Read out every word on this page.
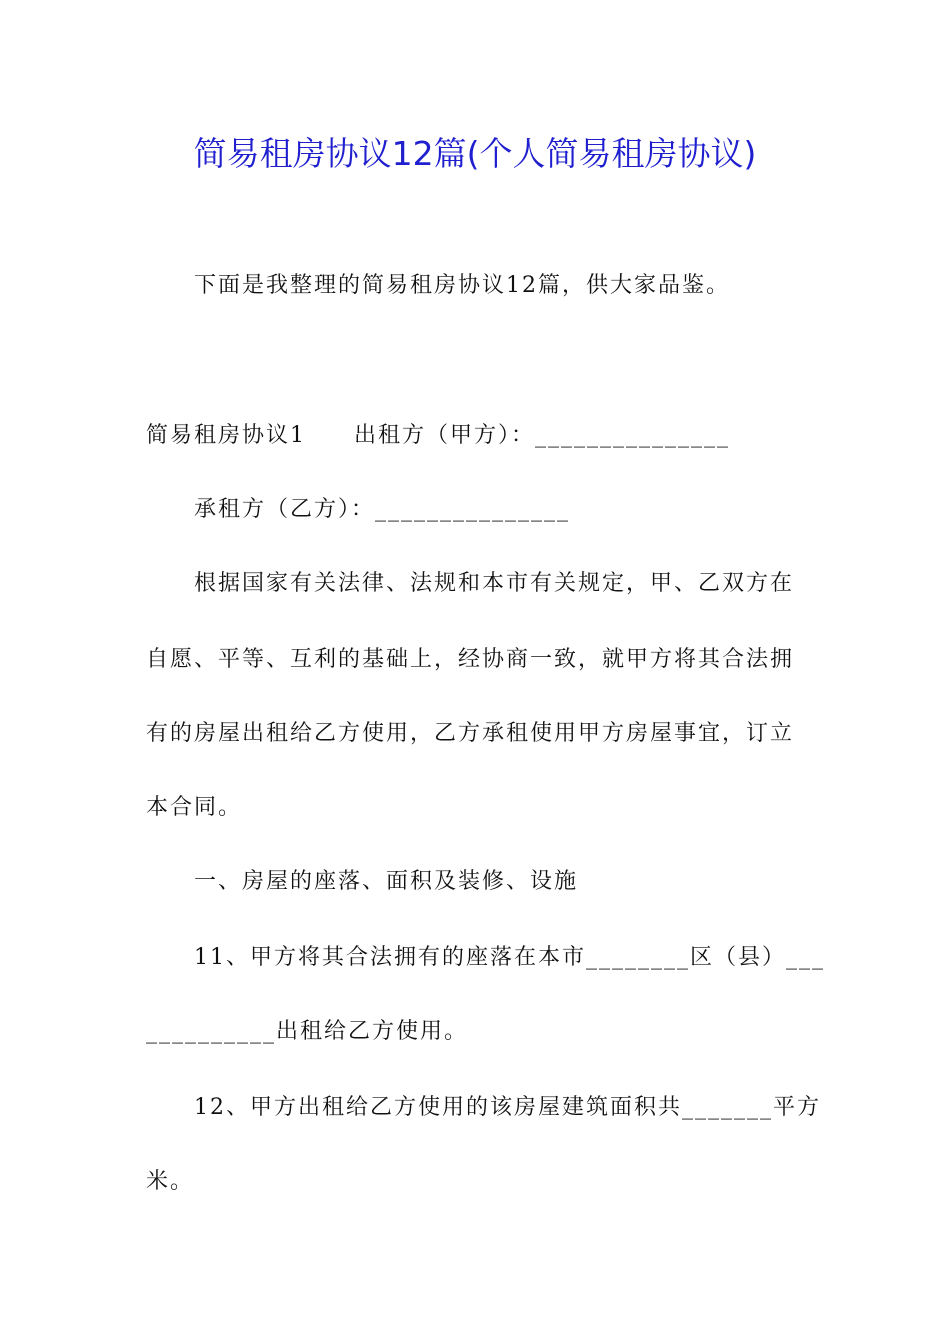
简易租房协议12篇(个人简易租房协议)

下面是我整理的简易租房协议12篇，供大家品鉴。

简易租房协议1 出租方（甲方）：_______________

承租方（乙方）：_______________

根据国家有关法律、法规和本市有关规定，甲、乙双方在

自愿、平等、互利的基础上，经协商一致，就甲方将其合法拥

有的房屋出租给乙方使用，乙方承租使用甲方房屋事宜，订立

本合同。

一、房屋的座落、面积及装修、设施

11、甲方将其合法拥有的座落在本市________区（县）___

__________出租给乙方使用。

12、甲方出租给乙方使用的该房屋建筑面积共_______平方

米。
